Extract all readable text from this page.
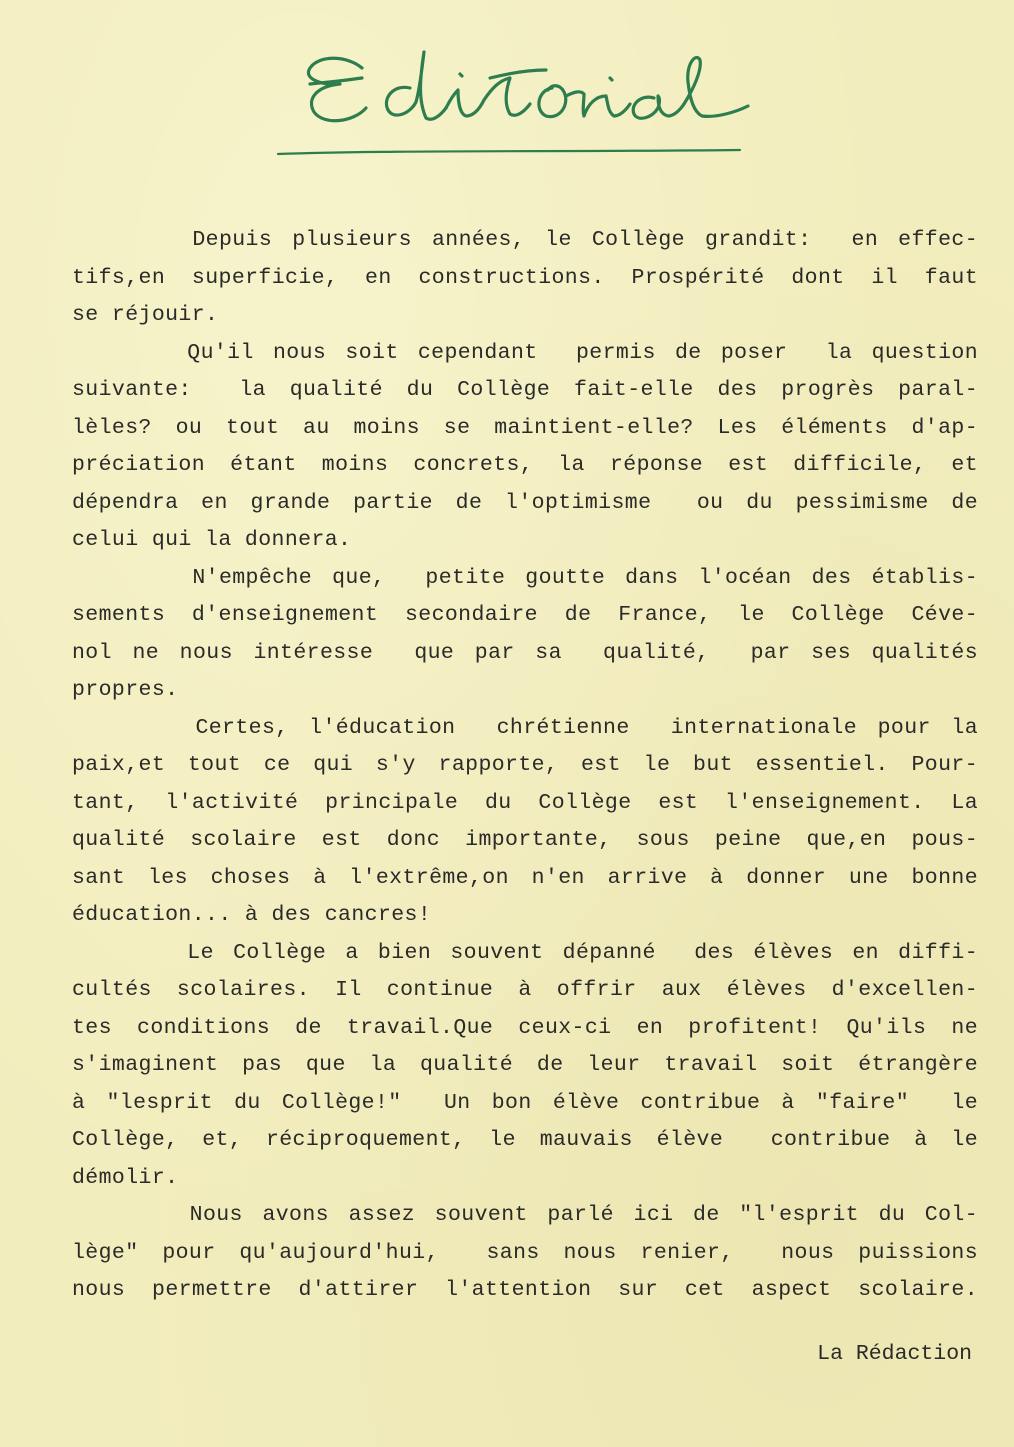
Depuis plusieurs années, le Collège grandit:  en effec-
tifs,en superficie, en constructions. Prospérité dont il faut
se réjouir.
Qu'il nous soit cependant  permis de poser  la question
suivante:  la qualité du Collège fait-elle des progrès paral-
lèles? ou tout au moins se maintient-elle? Les éléments d'ap-
préciation étant moins concrets, la réponse est difficile, et
dépendra en grande partie de l'optimisme  ou du pessimisme de
celui qui la donnera.
N'empêche que,  petite goutte dans l'océan des établis-
sements d'enseignement secondaire de France, le Collège Céve-
nol ne nous intéresse  que par sa  qualité,  par ses qualités
propres.
Certes, l'éducation  chrétienne  internationale pour la
paix,et tout ce qui s'y rapporte, est le but essentiel. Pour-
tant, l'activité principale du Collège est l'enseignement. La
qualité scolaire est donc importante, sous peine que,en pous-
sant les choses à l'extrême,on n'en arrive à donner une bonne
éducation... à des cancres!
Le Collège a bien souvent dépanné  des élèves en diffi-
cultés scolaires. Il continue à offrir aux élèves d'excellen-
tes conditions de travail.Que ceux-ci en profitent! Qu'ils ne
s'imaginent pas que la qualité de leur travail soit étrangère
à "lesprit du Collège!"  Un bon élève contribue à "faire"  le
Collège, et, réciproquement, le mauvais élève  contribue à le
démolir.
Nous avons assez souvent parlé ici de "l'esprit du Col-
lège" pour qu'aujourd'hui,  sans nous renier,  nous puissions
nous permettre d'attirer l'attention sur cet aspect scolaire.
La Rédaction
